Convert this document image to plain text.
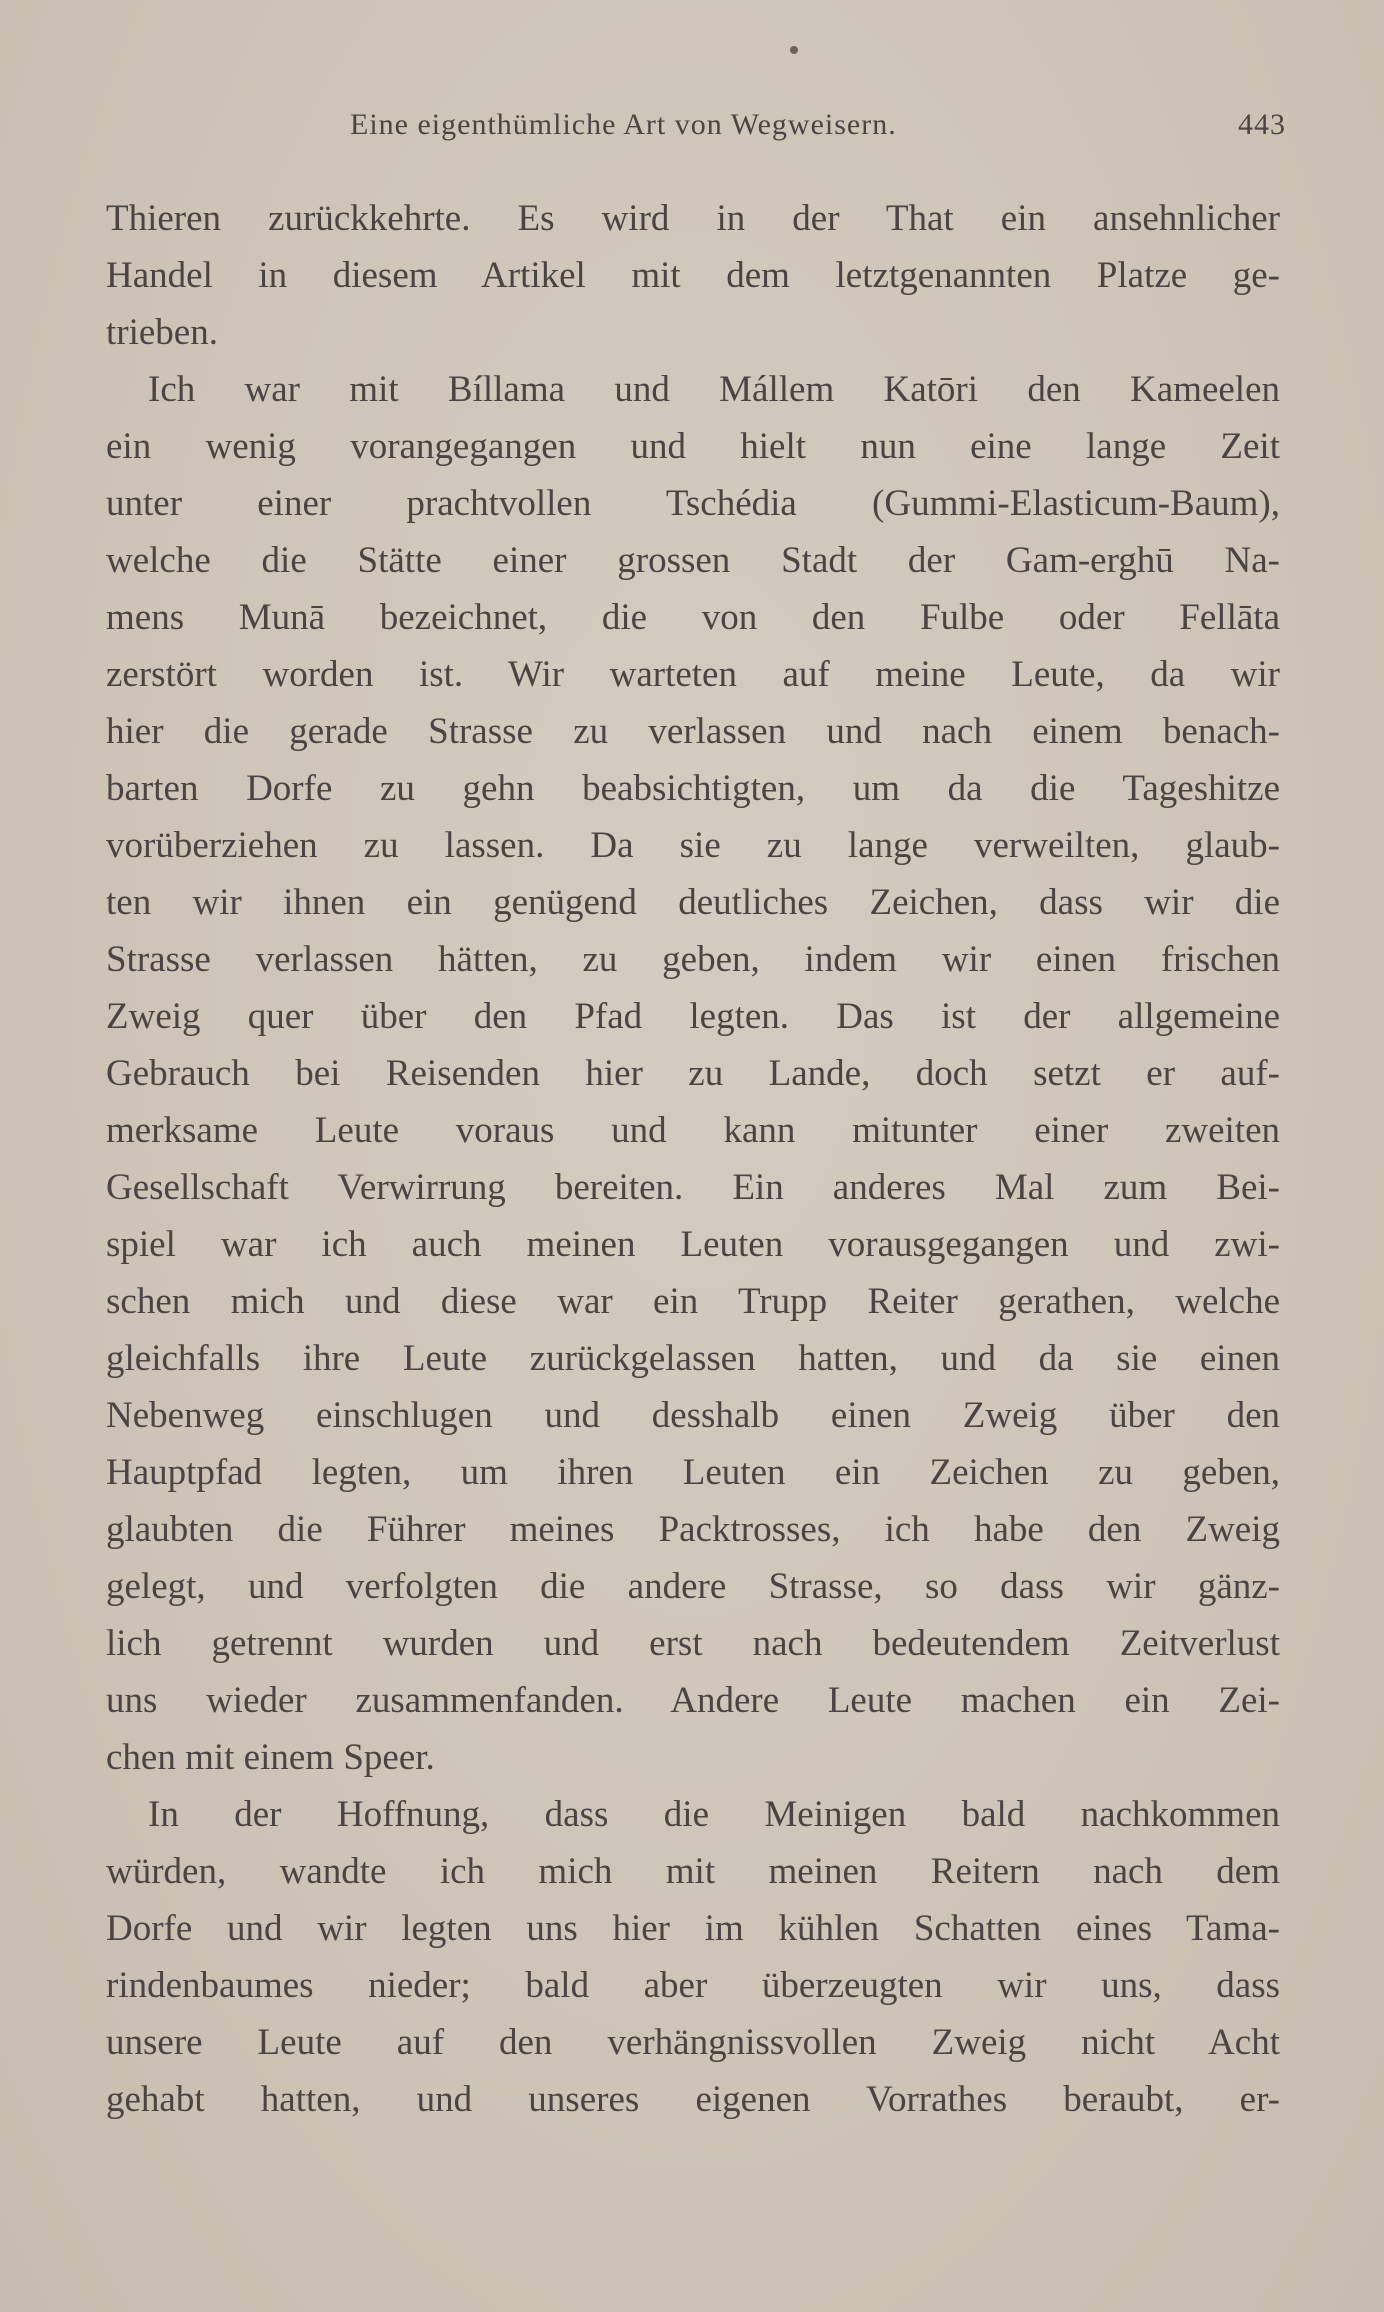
Eine eigenthümliche Art von Wegweisern.	443
Thieren zurückkehrte. Es wird in der That ein ansehnlicher
Handel in diesem Artikel mit dem letztgenannten Platze ge-
trieben.
Ich war mit Bíllama und Mállem Katōri den Kameelen
ein wenig vorangegangen und hielt nun eine lange Zeit
unter einer prachtvollen Tschédia (Gummi-Elasticum-Baum),
welche die Stätte einer grossen Stadt der Gam-erghū Na-
mens Munā bezeichnet, die von den Fulbe oder Fellāta
zerstört worden ist. Wir warteten auf meine Leute, da wir
hier die gerade Strasse zu verlassen und nach einem benach-
barten Dorfe zu gehn beabsichtigten, um da die Tageshitze
vorüberziehen zu lassen. Da sie zu lange verweilten, glaub-
ten wir ihnen ein genügend deutliches Zeichen, dass wir die
Strasse verlassen hätten, zu geben, indem wir einen frischen
Zweig quer über den Pfad legten. Das ist der allgemeine
Gebrauch bei Reisenden hier zu Lande, doch setzt er auf-
merksame Leute voraus und kann mitunter einer zweiten
Gesellschaft Verwirrung bereiten. Ein anderes Mal zum Bei-
spiel war ich auch meinen Leuten vorausgegangen und zwi-
schen mich und diese war ein Trupp Reiter gerathen, welche
gleichfalls ihre Leute zurückgelassen hatten, und da sie einen
Nebenweg einschlugen und desshalb einen Zweig über den
Hauptpfad legten, um ihren Leuten ein Zeichen zu geben,
glaubten die Führer meines Packtrosses, ich habe den Zweig
gelegt, und verfolgten die andere Strasse, so dass wir gänz-
lich getrennt wurden und erst nach bedeutendem Zeitverlust
uns wieder zusammenfanden. Andere Leute machen ein Zei-
chen mit einem Speer.
In der Hoffnung, dass die Meinigen bald nachkommen
würden, wandte ich mich mit meinen Reitern nach dem
Dorfe und wir legten uns hier im kühlen Schatten eines Tama-
rindenbaumes nieder; bald aber überzeugten wir uns, dass
unsere Leute auf den verhängnissvollen Zweig nicht Acht
gehabt hatten, und unseres eigenen Vorrathes beraubt, er-
